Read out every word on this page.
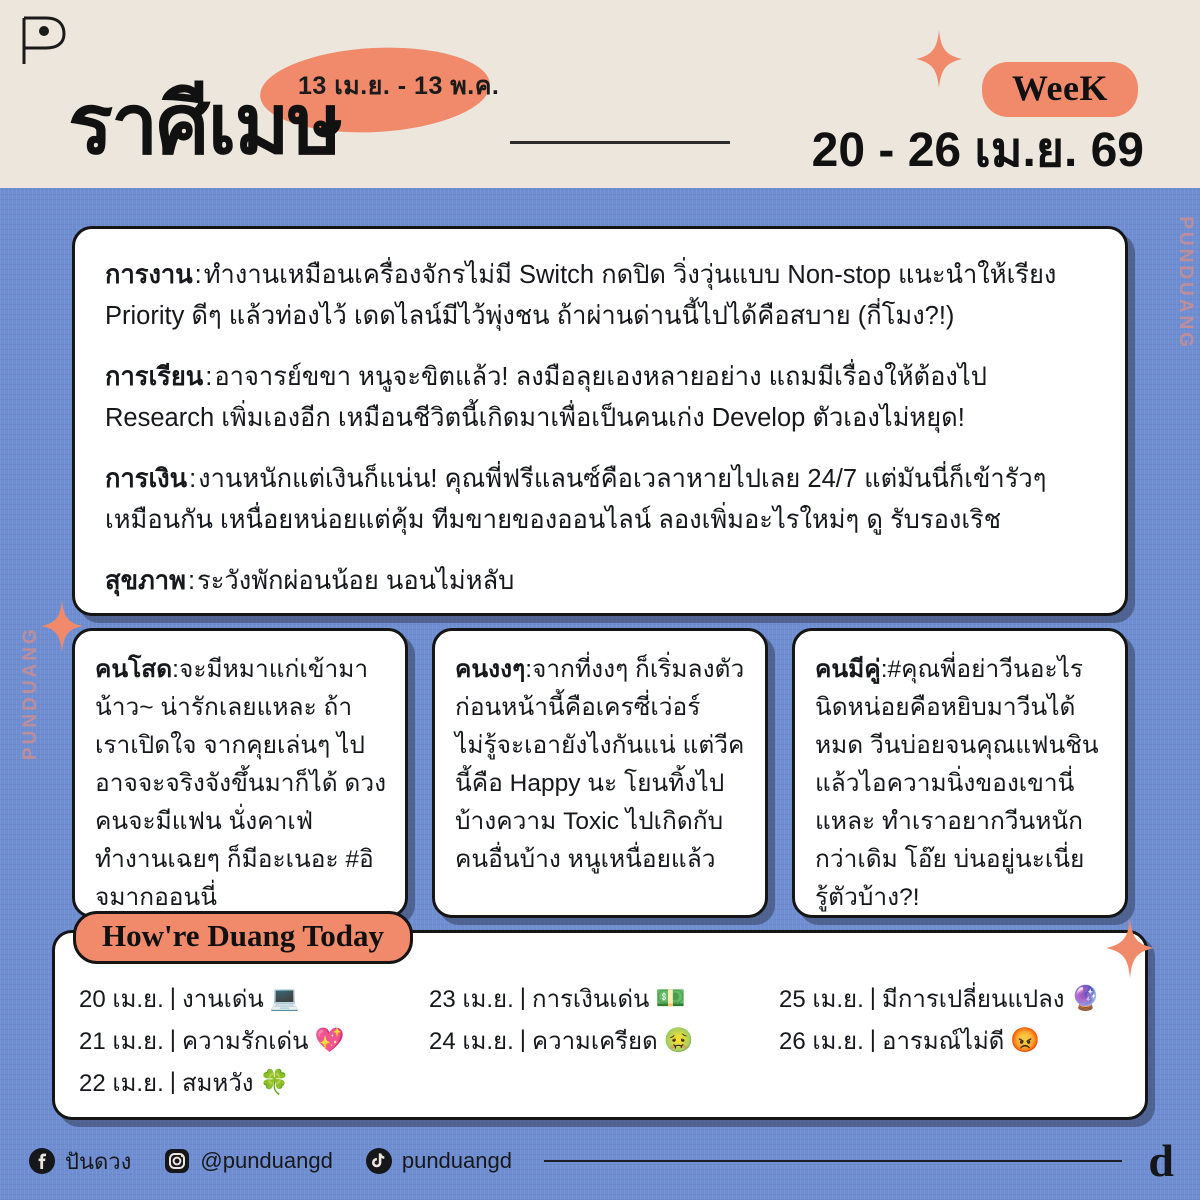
13 เม.ย. - 13 พ.ค.
ราศีเมษ	WeeK
20 - 26 เม.ย. 69
PUNDUANG
PUNDUANG
การงาน:ทำงานเหมือนเครื่องจักรไม่มี Switch กดปิด วิ่งวุ่นแบบ Non-stop แนะนำให้เรียง Priority ดีๆ แล้วท่องไว้ เดดไลน์มีไว้พุ่งชน ถ้าผ่านด่านนี้ไปได้คือสบาย (กี่โมง?!)
การเรียน:อาจารย์ขขา หนูจะขิตแล้ว! ลงมือลุยเองหลายอย่าง แถมมีเรื่องให้ต้องไป Research เพิ่มเองอีก เหมือนชีวิตนี้เกิดมาเพื่อเป็นคนเก่ง Develop ตัวเองไม่หยุด!
การเงิน:งานหนักแต่เงินก็แน่น! คุณพี่ฟรีแลนซ์คือเวลาหายไปเลย 24/7 แต่มันนี่ก็เข้ารัวๆ เหมือนกัน เหนื่อยหน่อยแต่คุ้ม ทีมขายของออนไลน์ ลองเพิ่มอะไรใหม่ๆ ดู รับรองเริช
สุขภาพ:ระวังพักผ่อนน้อย นอนไม่หลับ
คนโสด:จะมีหมาแก่เข้ามาน้าว~ น่ารักเลยแหละ ถ้าเราเปิดใจ จากคุยเล่นๆ ไปอาจจะจริงจังขึ้นมาก็ได้ ดวงคนจะมีแฟน นั่งคาเฟ่ ทำงานเฉยๆ ก็มีอะเนอะ #อิจมากออนนี่
คนงงๆ:จากที่งงๆ ก็เริ่มลงตัว ก่อนหน้านี้คือเครซี่เว่อร์ ไม่รู้จะเอายังไงกันแน่ แต่วีคนี้คือ Happy นะ โยนทิ้งไปบ้างความ Toxic ไปเกิดกับคนอื่นบ้าง หนูเหนื่อยแล้ว
คนมีคู่:#คุณพี่อย่าวีนอะไรนิดหน่อยคือหยิบมาวีนได้หมด วีนบ่อยจนคุณแฟนชิน แล้วไอความนิ่งของเขานี่แหละ ทำเราอยากวีนหนักกว่าเดิม โอ๊ย บ่นอยู่นะเนี่ย รู้ตัวบ้าง?!
How're Duang Today
20 เม.ย. | งานเด่น 💻	23 เม.ย. | การเงินเด่น 💵	25 เม.ย. | มีการเปลี่ยนแปลง 🔮
21 เม.ย. | ความรักเด่น 💖	24 เม.ย. | ความเครียด 🤢	26 เม.ย. | อารมณ์ไม่ดี 😡
22 เม.ย. | สมหวัง 🍀
ปันดวง	@punduangd	punduangd	d
